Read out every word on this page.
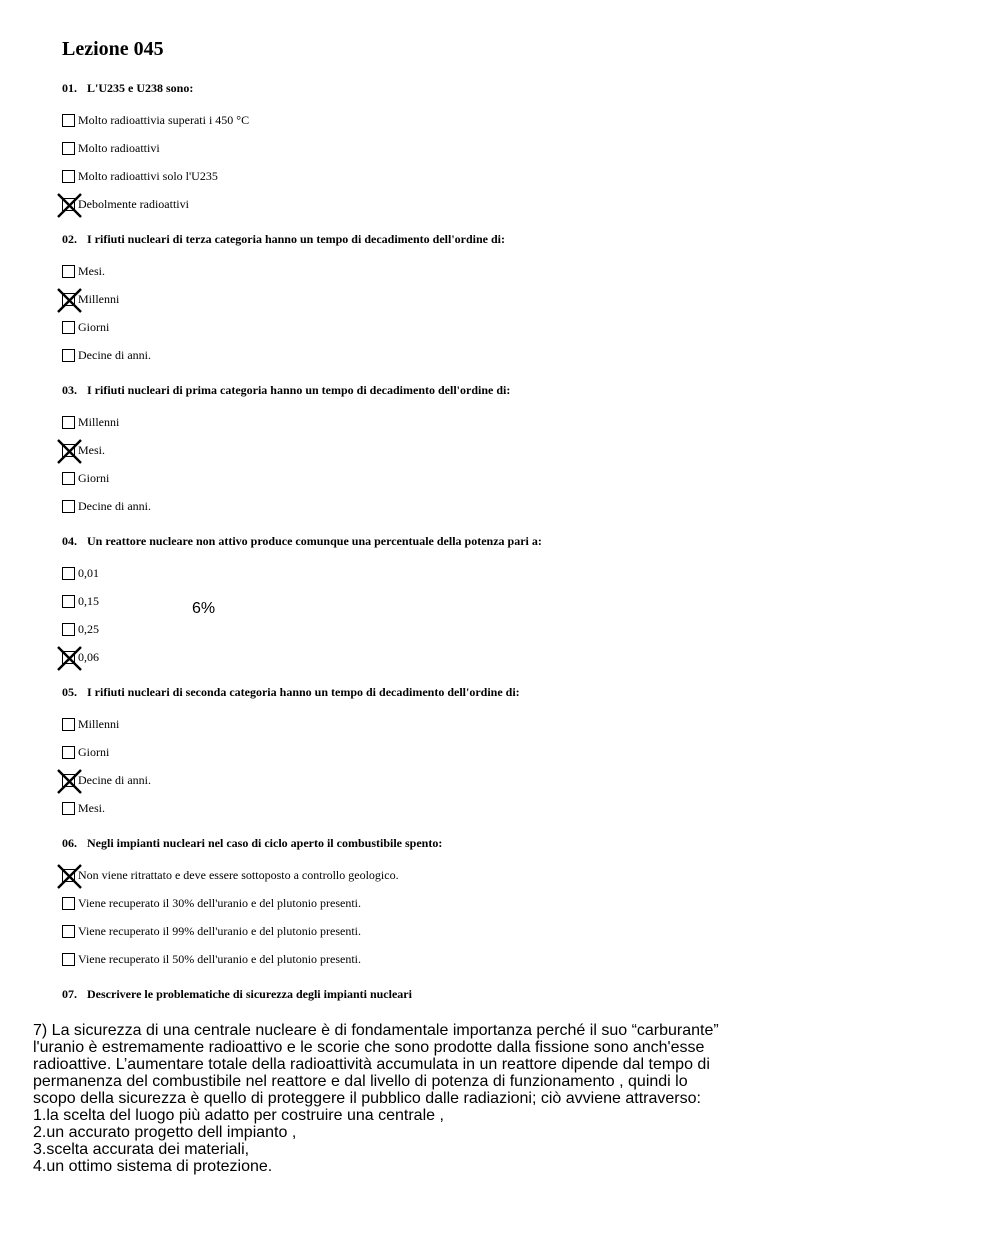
Lezione 045
01. L'U235 e U238 sono:
Molto radioattivia superati i 450 °C
Molto radioattivi
Molto radioattivi solo l'U235
Debolmente radioattivi
02. I rifiuti nucleari di terza categoria hanno un tempo di decadimento dell'ordine di:
Mesi.
Millenni
Giorni
Decine di anni.
03. I rifiuti nucleari di prima categoria hanno un tempo di decadimento dell'ordine di:
Millenni
Mesi.
Giorni
Decine di anni.
04. Un reattore nucleare non attivo produce comunque una percentuale della potenza pari a:
0,01
0,15
0,25
0,06
05. I rifiuti nucleari di seconda categoria hanno un tempo di decadimento dell'ordine di:
Millenni
Giorni
Decine di anni.
Mesi.
06. Negli impianti nucleari nel caso di ciclo aperto il combustibile spento:
Non viene ritrattato e deve essere sottoposto a controllo geologico.
Viene recuperato il 30% dell'uranio e del plutonio presenti.
Viene recuperato il 99% dell'uranio e del plutonio presenti.
Viene recuperato il 50% dell'uranio e del plutonio presenti.
07. Descrivere le problematiche di sicurezza degli impianti nucleari
6%

7) La sicurezza di una centrale nucleare è di fondamentale importanza perché il suo “carburante”

l'uranio è estremamente radioattivo e le scorie che sono prodotte dalla fissione sono anch'esse

radioattive. L’aumentare totale della radioattività accumulata in un reattore dipende dal tempo di

permanenza del combustibile nel reattore e dal livello di potenza di funzionamento , quindi lo

scopo della sicurezza è quello di proteggere il pubblico dalle radiazioni; ciò avviene attraverso:

1.la scelta del luogo più adatto per costruire una centrale ,

2.un accurato progetto dell impianto ,

3.scelta accurata dei materiali,

4.un ottimo sistema di protezione.
